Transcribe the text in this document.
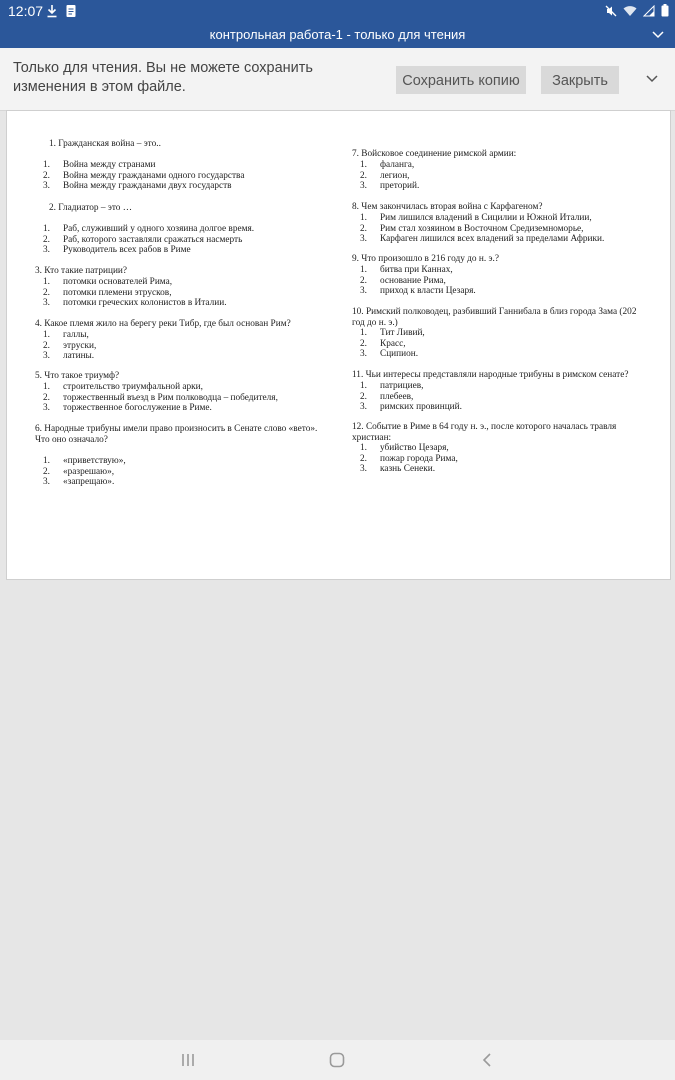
12:07
контрольная работа-1 - только для чтения
Только для чтения. Вы не можете сохранить изменения в этом файле.	Сохранить копию	Закрыть
1. Гражданская война – это..
1. Война между странами
2. Война между гражданами одного государства
3. Война между гражданами двух государств
2. Гладиатор – это …
1. Раб, служивший у одного хозяина долгое время.
2. Раб, которого заставляли сражаться насмерть
3. Руководитель всех рабов в Риме
3. Кто такие патриции?
1. потомки основателей Рима,
2. потомки племени этрусков,
3. потомки греческих колонистов в Италии.
4. Какое племя жило на берегу реки Тибр, где был основан Рим?
1. галлы,
2. этруски,
3. латины.
5. Что такое триумф?
1. строительство триумфальной арки,
2. торжественный въезд в Рим полководца – победителя,
3. торжественное богослужение в Риме.
6. Народные трибуны имели право произносить в Сенате слово «вето». Что оно означало?
1. «приветствую»,
2. «разрешаю»,
3. «запрещаю».
7. Войсковое соединение римской армии:
1. фаланга,
2. легион,
3. преторий.
8. Чем закончилась вторая война с Карфагеном?
1. Рим лишился владений в Сицилии и Южной Италии,
2. Рим стал хозяином в Восточном Средиземноморье,
3. Карфаген лишился всех владений за пределами Африки.
9. Что произошло в 216 году до н. э.?
1. битва при Каннах,
2. основание Рима,
3. приход к власти Цезаря.
10. Римский полководец, разбивший Ганнибала в близ города Зама (202 год до н. э.)
1. Тит Ливий,
2. Красс,
3. Сципион.
11. Чьи интересы представляли народные трибуны в римском сенате?
1. патрициев,
2. плебеев,
3. римских провинций.
12. Событие в Риме в 64 году н. э., после которого началась травля христиан:
1. убийство Цезаря,
2. пожар города Рима,
3. казнь Сенеки.
